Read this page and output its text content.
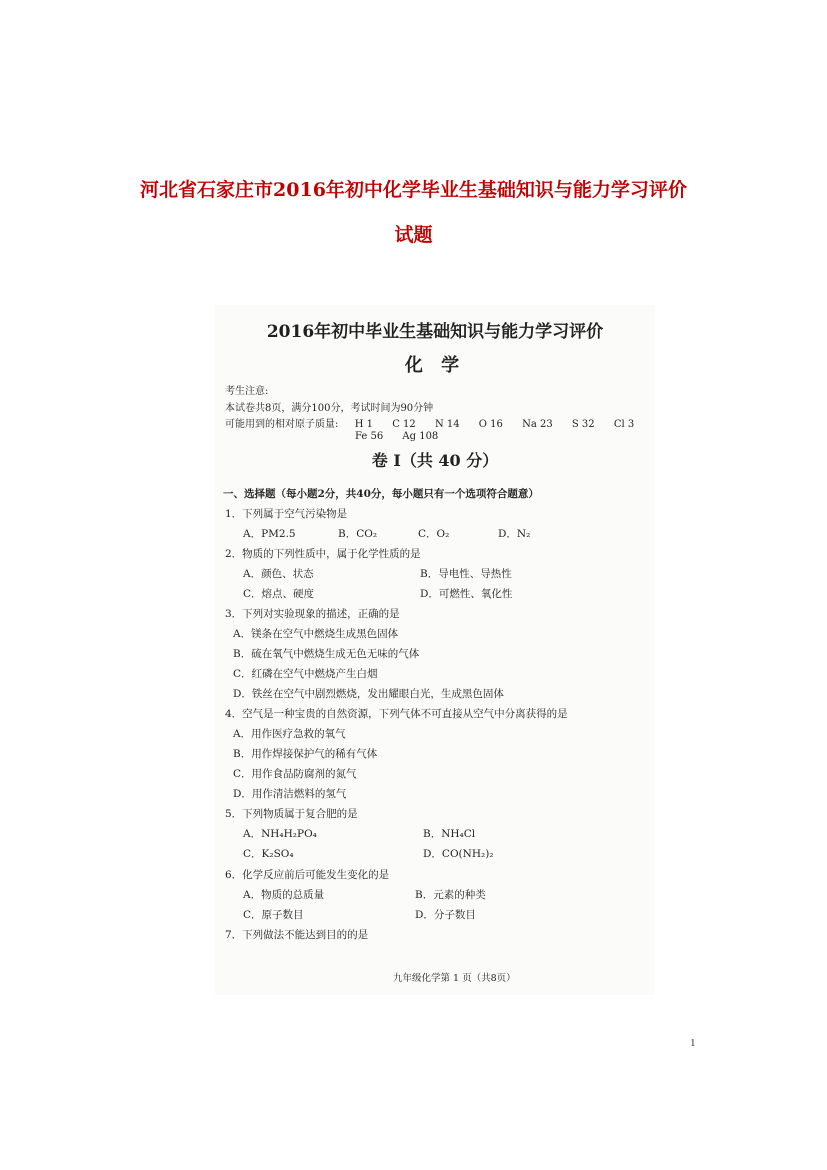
河北省石家庄市2016年初中化学毕业生基础知识与能力学习评价
试题
2016年初中毕业生基础知识与能力学习评价
化 学
考生注意:
本试卷共8页，满分100分，考试时间为90分钟
可能用到的相对原子质量: H 1 C 12 N 14 O 16 Na 23 S 32 Cl 3
Fe 56 Ag 108
卷 I（共 40 分）
一、选择题（每小题2分，共40分，每小题只有一个选项符合题意）
1．下列属于空气污染物是
A．PM2.5	B．CO₂	C．O₂	D．N₂
2．物质的下列性质中，属于化学性质的是
A．颜色、状态	B．导电性、导热性
C．熔点、硬度	D．可燃性、氧化性
3．下列对实验现象的描述，正确的是
A．镁条在空气中燃烧生成黑色固体
B．硫在氧气中燃烧生成无色无味的气体
C．红磷在空气中燃烧产生白烟
D．铁丝在空气中剧烈燃烧，发出耀眼白光，生成黑色固体
4．空气是一种宝贵的自然资源，下列气体不可直接从空气中分离获得的是
A．用作医疗急救的氧气
B．用作焊接保护气的稀有气体
C．用作食品防腐剂的氮气
D．用作清洁燃料的氢气
5．下列物质属于复合肥的是
A．NH₄H₂PO₄	B．NH₄Cl
C．K₂SO₄	D．CO(NH₂)₂
6．化学反应前后可能发生变化的是
A．物质的总质量	B．元素的种类
C．原子数目	D．分子数目
7．下列做法不能达到目的的是
九年级化学第 1 页（共8页）
1
